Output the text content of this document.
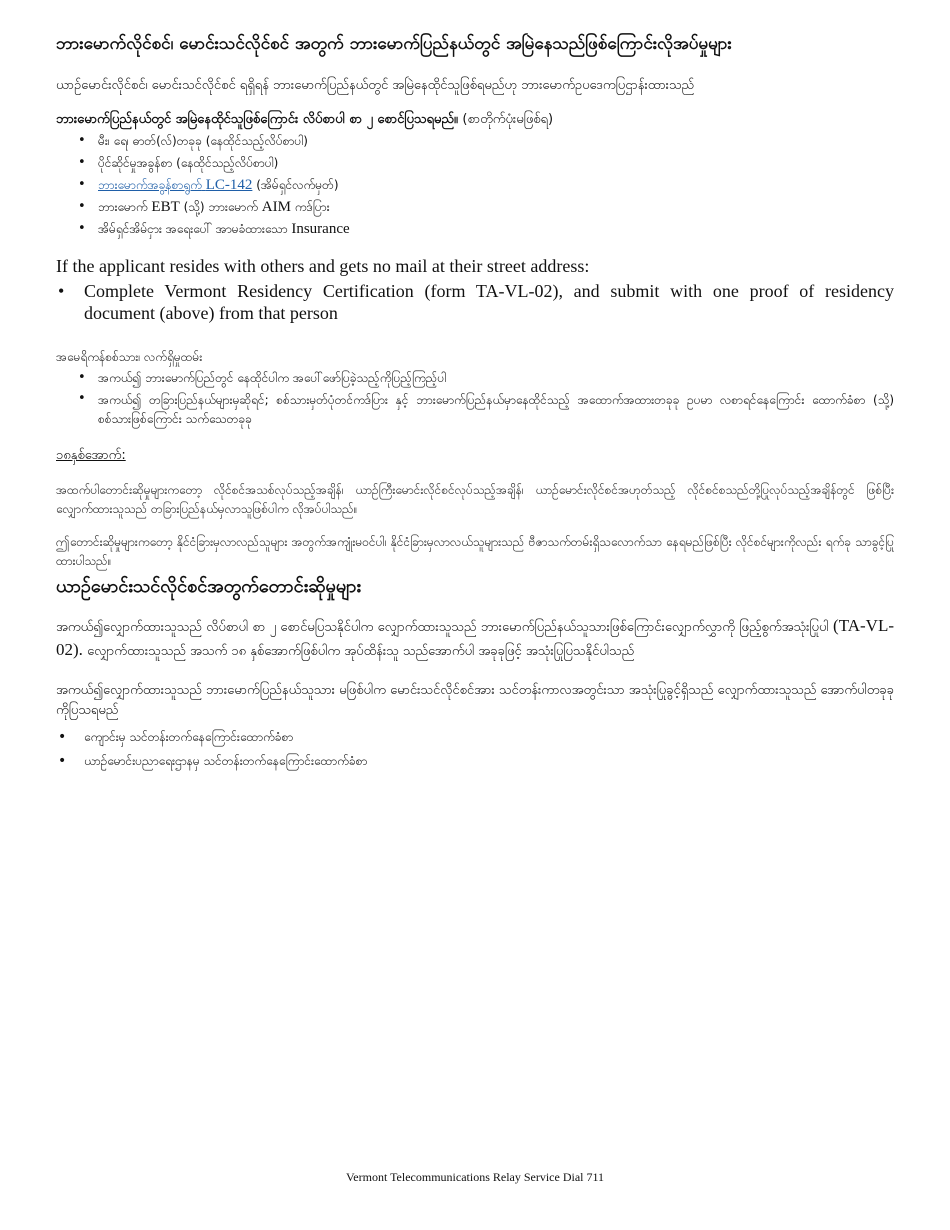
ဘားမောက်လိုင်စင်၊ မောင်းသင်လိုင်စင် အတွက် ဘားမောက်ပြည်နယ်တွင် အမြဲနေသည်ဖြစ်ကြောင်းလိုအပ်မှုများ

ယာဉ်မောင်းလိုင်စင်၊ မောင်းသင်လိုင်စင် ရရှိရန် ဘားမောက်ပြည်နယ်တွင် အမြဲနေထိုင်သူဖြစ်ရမည်ဟု ဘားမောက်ဥပဒေကပြဌာန်းထားသည်

ဘားမောက်ပြည်နယ်တွင် အမြဲနေထိုင်သူဖြစ်ကြောင်း လိပ်စာပါ စာ ၂ စောင်ပြသရမည်။ (စာတိုက်ပုံးမဖြစ်ရ)

• မီး၊ ရေ၊ ဓာတ်(လ်)တခုခု (နေထိုင်သည့်လိပ်စာပါ)
• ပိုင်ဆိုင်မှုအခွန်စာ (နေထိုင်သည့်လိပ်စာပါ)
• ဘားမောက်အခွန်စာရွက် LC-142 (အိမ်ရှင်လက်မှတ်)
• ဘားမောက် EBT (သို့) ဘားမောက် AIM ကဒ်ပြား
• အိမ်ရှင်အိမ်ငှား အရေးပေါ် အာမခံထားသော Insurance

If the applicant resides with others and gets no mail at their street address:

• Complete Vermont Residency Certification (form TA-VL-02), and submit with one proof of residency document (above) from that person

အမေရိကန်စစ်သား၊ လက်ရှိမှုထမ်း

• အကယ်၍ ဘားမောက်ပြည်တွင် နေထိုင်ပါက အပေါ်ဖော်ပြခဲ့သည့်ကိုပြည့်ကြည့်ပါ
• အကယ်၍ တခြားပြည်နယ်များမှဆိုရင်; စစ်သားမှတ်ပုံတင်ကဒ်ပြား နှင့် ဘားမောက်ပြည်နယ်မှာနေထိုင်သည့် အထောက်အထားတခုခု ဥပမာ လစာရင်နေကြောင်း ထောက်ခံစာ (သို့) စစ်သားဖြစ်ကြောင်း သက်သေတခုခု

၁၈နှစ်အောက်:

အထက်ပါတောင်းဆိုမှုများကတော့ လိုင်စင်အသစ်လုပ်သည့်အချိန်၊ ယာဉ်ကြီးမောင်းလိုင်စင်လုပ်သည့်အချိန်၊ ယာဉ်မောင်းလိုင်စင်အဟုတ်သည့် လိုင်စင်စသည်တို့ပြုလုပ်သည့်အချိန်တွင် ဖြစ်ပြီး လျှောက်ထားသူသည် တခြားပြည်နယ်မှလာသူဖြစ်ပါက လိုအပ်ပါသည်။

ဤတောင်းဆိုမှုများကတော့ နိုင်ငံခြားမှလာလည်သူများ အတွက်အကျုံးမဝင်ပါ၊ နိုင်ငံခြားမှလာလယ်သူများသည် ဗီဇာသက်တမ်းရှိသလောက်သာ နေရမည်ဖြစ်ပြီး လိုင်စင်များကိုလည်း ရက်ခု သာခွင့်ပြုထားပါသည်။

ယာဉ်မောင်းသင်လိုင်စင်အတွက်တောင်းဆိုမှုများ

အကယ်၍လျှောက်ထားသူသည် လိပ်စာပါ စာ ၂ စောင်မပြသနိုင်ပါက လျှောက်ထားသူသည် ဘားမောက်ပြည်နယ်သူသားဖြစ်ကြောင်းလျှောက်လွှာကို ဖြည့်စွက်အသုံးပြုပါ (TA-VL-02). လျှောက်ထားသူသည် အသက် ၁၈ နှစ်အောက်ဖြစ်ပါက အုပ်ထိန်းသူ သည်အောက်ပါ အခုခုဖြင့် အသုံးပြုပြသနိုင်ပါသည်

အကယ်၍လျှောက်ထားသူသည် ဘားမောက်ပြည်နယ်သူသား မဖြစ်ပါက မောင်းသင်လိုင်စင်အား သင်တန်းကာလအတွင်းသာ အသုံးပြုခွင့်ရှိသည် လျှောက်ထားသူသည် အောက်ပါတခုခုကိုပြသရမည်

• ကျောင်းမှ သင်တန်းတက်နေကြောင်းထောက်ခံစာ
• ယာဉ်မောင်းပညာရေးဌာနမှ သင်တန်းတက်နေကြောင်းထောက်ခံစာ
Vermont Telecommunications Relay Service Dial 711
